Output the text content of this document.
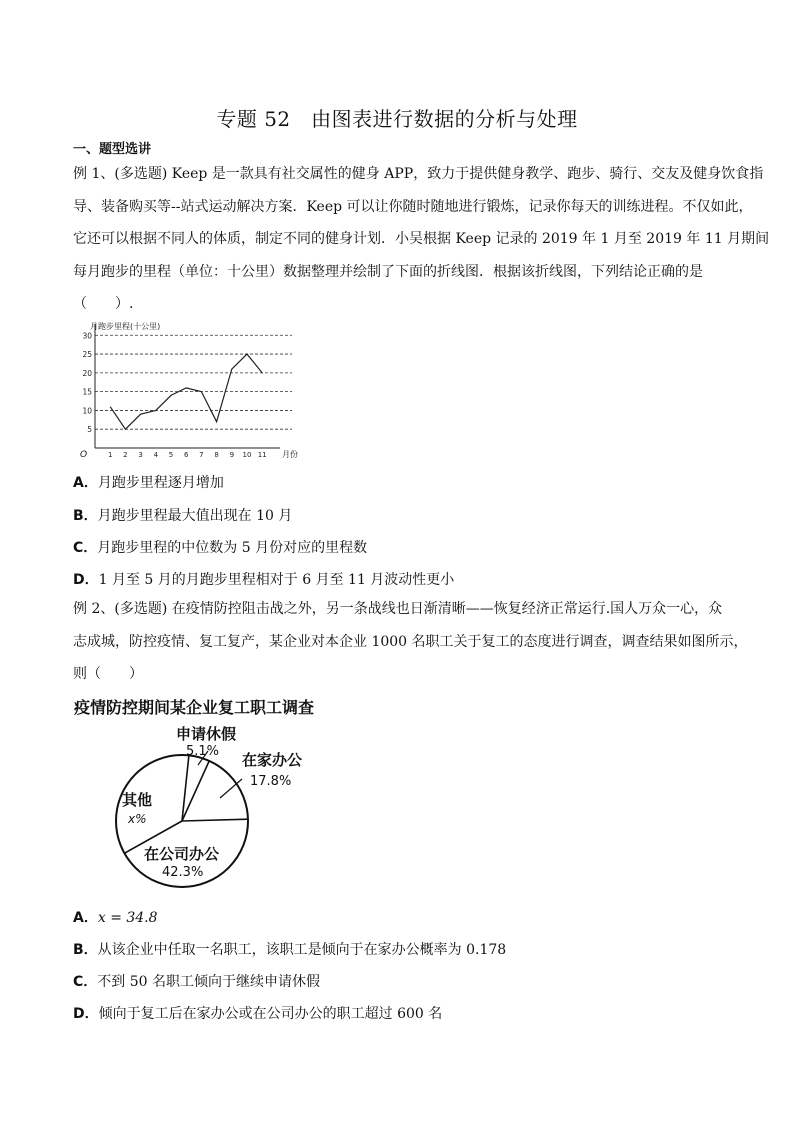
专题 52　由图表进行数据的分析与处理
一、题型选讲
例 1、(多选题) Keep 是一款具有社交属性的健身 APP，致力于提供健身教学、跑步、骑行、交友及健身饮食指
导、装备购买等--站式运动解决方案．Keep 可以让你随时随地进行锻炼，记录你每天的训练进程。不仅如此，
它还可以根据不同人的体质，制定不同的健身计划．小吴根据 Keep 记录的 2019 年 1 月至 2019 年 11 月期间
每月跑步的里程（单位：十公里）数据整理并绘制了下面的折线图．根据该折线图，下列结论正确的是
（　　）.
月跑步里程(十公里)
月份
O
5
10
15
20
25
30
1 2 3 4 5 6 7 8 9 10 11
A．月跑步里程逐月增加
B．月跑步里程最大值出现在 10 月
C．月跑步里程的中位数为 5 月份对应的里程数
D．1 月至 5 月的月跑步里程相对于 6 月至 11 月波动性更小
例 2、(多选题) 在疫情防控阻击战之外，另一条战线也日渐清晰——恢复经济正常运行.国人万众一心，众
志成城，防控疫情、复工复产，某企业对本企业 1000 名职工关于复工的态度进行调查，调查结果如图所示，
则（　　）
疫情防控期间某企业复工职工调查
申请休假
5.1% 在家办公
17.8%
其他
x%
在公司办公
42.3%
A．x = 34.8
B．从该企业中任取一名职工，该职工是倾向于在家办公概率为 0.178
C．不到 50 名职工倾向于继续申请休假
D．倾向于复工后在家办公或在公司办公的职工超过 600 名
